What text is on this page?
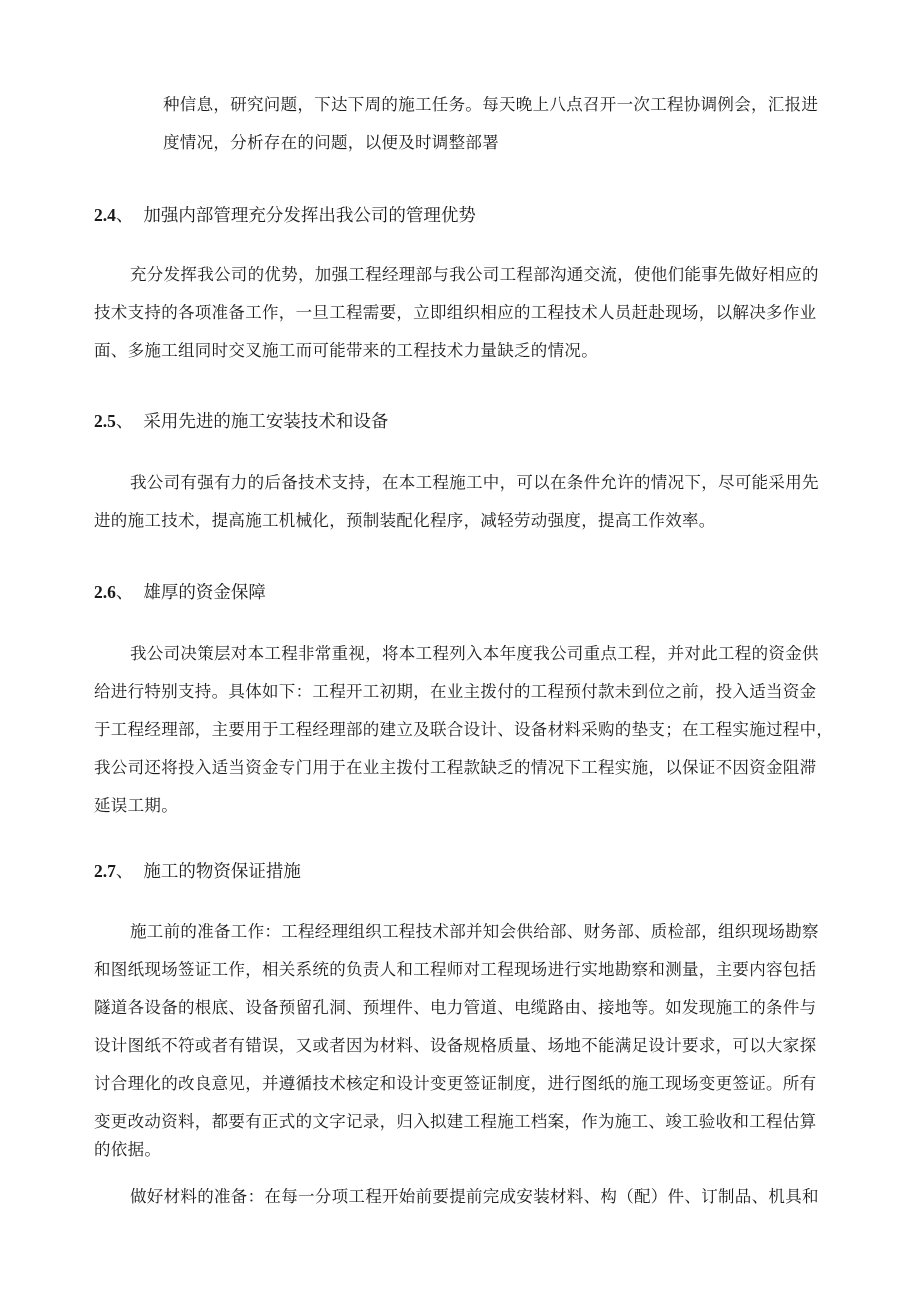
种信息，研究问题，下达下周的施工任务。每天晚上八点召开一次工程协调例会，汇报进
度情况，分析存在的问题，以便及时调整部署
2.4、 加强内部管理充分发挥出我公司的管理优势
充分发挥我公司的优势，加强工程经理部与我公司工程部沟通交流，使他们能事先做好相应的
技术支持的各项准备工作，一旦工程需要，立即组织相应的工程技术人员赶赴现场，以解决多作业
面、多施工组同时交叉施工而可能带来的工程技术力量缺乏的情况。
2.5、 采用先进的施工安装技术和设备
我公司有强有力的后备技术支持，在本工程施工中，可以在条件允许的情况下，尽可能采用先
进的施工技术，提高施工机械化，预制装配化程序，减轻劳动强度，提高工作效率。
2.6、 雄厚的资金保障
我公司决策层对本工程非常重视，将本工程列入本年度我公司重点工程，并对此工程的资金供
给进行特别支持。具体如下：工程开工初期，在业主拨付的工程预付款未到位之前，投入适当资金
于工程经理部，主要用于工程经理部的建立及联合设计、设备材料采购的垫支；在工程实施过程中，
我公司还将投入适当资金专门用于在业主拨付工程款缺乏的情况下工程实施，以保证不因资金阻滞
延误工期。
2.7、 施工的物资保证措施
施工前的准备工作：工程经理组织工程技术部并知会供给部、财务部、质检部，组织现场勘察
和图纸现场签证工作，相关系统的负责人和工程师对工程现场进行实地勘察和测量，主要内容包括
隧道各设备的根底、设备预留孔洞、预埋件、电力管道、电缆路由、接地等。如发现施工的条件与
设计图纸不符或者有错误，又或者因为材料、设备规格质量、场地不能满足设计要求，可以大家探
讨合理化的改良意见，并遵循技术核定和设计变更签证制度，进行图纸的施工现场变更签证。所有
变更改动资料，都要有正式的文字记录，归入拟建工程施工档案，作为施工、竣工验收和工程估算
的依据。
做好材料的准备：在每一分项工程开始前要提前完成安装材料、构（配）件、订制品、机具和
